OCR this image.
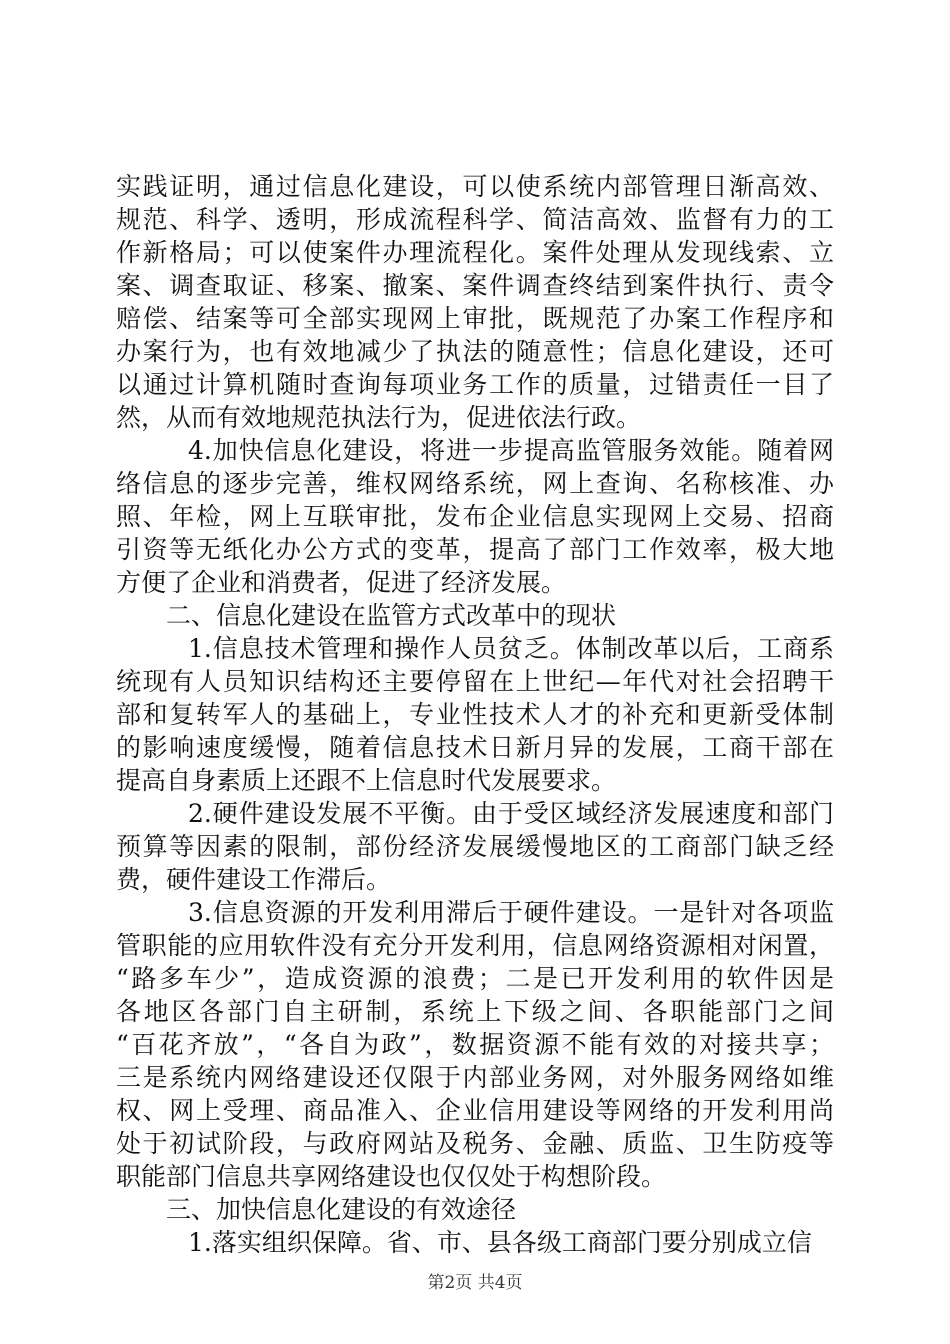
实践证明，通过信息化建设，可以使系统内部管理日渐高效、
规范、科学、透明，形成流程科学、简洁高效、监督有力的工
作新格局；可以使案件办理流程化。案件处理从发现线索、立
案、调查取证、移案、撤案、案件调查终结到案件执行、责令
赔偿、结案等可全部实现网上审批，既规范了办案工作程序和
办案行为，也有效地减少了执法的随意性；信息化建设，还可
以通过计算机随时查询每项业务工作的质量，过错责任一目了
然，从而有效地规范执法行为，促进依法行政。
4.加快信息化建设，将进一步提高监管服务效能。随着网
络信息的逐步完善，维权网络系统，网上查询、名称核准、办
照、年检，网上互联审批，发布企业信息实现网上交易、招商
引资等无纸化办公方式的变革，提高了部门工作效率，极大地
方便了企业和消费者，促进了经济发展。
二、信息化建设在监管方式改革中的现状
1.信息技术管理和操作人员贫乏。体制改革以后，工商系
统现有人员知识结构还主要停留在上世纪—年代对社会招聘干
部和复转军人的基础上，专业性技术人才的补充和更新受体制
的影响速度缓慢，随着信息技术日新月异的发展，工商干部在
提高自身素质上还跟不上信息时代发展要求。
2.硬件建设发展不平衡。由于受区域经济发展速度和部门
预算等因素的限制，部份经济发展缓慢地区的工商部门缺乏经
费，硬件建设工作滞后。
3.信息资源的开发利用滞后于硬件建设。一是针对各项监
管职能的应用软件没有充分开发利用，信息网络资源相对闲置，
“路多车少”，造成资源的浪费；二是已开发利用的软件因是
各地区各部门自主研制，系统上下级之间、各职能部门之间
“百花齐放”，“各自为政”，数据资源不能有效的对接共享；
三是系统内网络建设还仅限于内部业务网，对外服务网络如维
权、网上受理、商品准入、企业信用建设等网络的开发利用尚
处于初试阶段，与政府网站及税务、金融、质监、卫生防疫等
职能部门信息共享网络建设也仅仅处于构想阶段。
三、加快信息化建设的有效途径
1.落实组织保障。省、市、县各级工商部门要分别成立信
第2页 共4页
